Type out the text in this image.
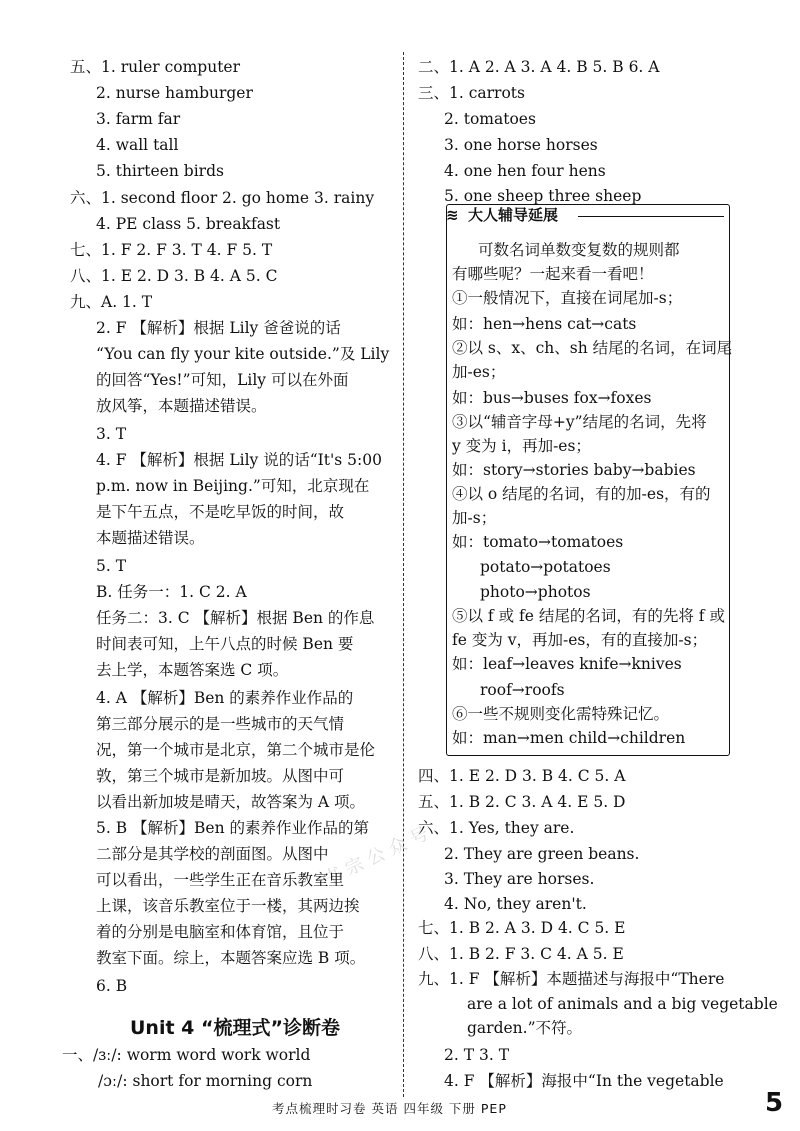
≋ 大人辅导延展
Unit 4 “梳理式”诊断卷
书 宗 公 众 号
考点梳理时习卷 英语 四年级 下册 PEP	5
五、1. ruler computer
2. nurse hamburger
3. farm far
4. wall tall
5. thirteen birds
六、1. second floor 2. go home 3. rainy
4. PE class 5. breakfast
七、1. F 2. F 3. T 4. F 5. T
八、1. E 2. D 3. B 4. A 5. C
九、A. 1. T
2. F 【解析】根据 Lily 爸爸说的话
“You can fly your kite outside.”及 Lily
的回答“Yes!”可知，Lily 可以在外面
放风筝，本题描述错误。
3. T
4. F 【解析】根据 Lily 说的话“It's 5:00
p.m. now in Beijing.”可知，北京现在
是下午五点，不是吃早饭的时间，故
本题描述错误。
5. T
B. 任务一：1. C 2. A
任务二：3. C 【解析】根据 Ben 的作息
时间表可知，上午八点的时候 Ben 要
去上学，本题答案选 C 项。
4. A 【解析】Ben 的素养作业作品的
第三部分展示的是一些城市的天气情
况，第一个城市是北京，第二个城市是伦
敦，第三个城市是新加坡。从图中可
以看出新加坡是晴天，故答案为 A 项。
5. B 【解析】Ben 的素养作业作品的第
二部分是其学校的剖面图。从图中
可以看出，一些学生正在音乐教室里
上课，该音乐教室位于一楼，其两边挨
着的分别是电脑室和体育馆，且位于
教室下面。综上，本题答案应选 B 项。
6. B
一、/ɜː/: worm word work world
/ɔː/: short for morning corn
二、1. A 2. A 3. A 4. B 5. B 6. A
三、1. carrots
2. tomatoes
3. one horse horses
4. one hen four hens
5. one sheep three sheep
可数名词单数变复数的规则都
有哪些呢？一起来看一看吧！
①一般情况下，直接在词尾加-s；
如：hen→hens cat→cats
②以 s、x、ch、sh 结尾的名词，在词尾
加-es；
如：bus→buses fox→foxes
③以“辅音字母+y”结尾的名词，先将
y 变为 i，再加-es；
如：story→stories baby→babies
④以 o 结尾的名词，有的加-es，有的
加-s；
如：tomato→tomatoes
potato→potatoes
photo→photos
⑤以 f 或 fe 结尾的名词，有的先将 f 或
fe 变为 v，再加-es，有的直接加-s；
如：leaf→leaves knife→knives
roof→roofs
⑥一些不规则变化需特殊记忆。
如：man→men child→children
四、1. E 2. D 3. B 4. C 5. A
五、1. B 2. C 3. A 4. E 5. D
六、1. Yes, they are.
2. They are green beans.
3. They are horses.
4. No, they aren't.
七、1. B 2. A 3. D 4. C 5. E
八、1. B 2. F 3. C 4. A 5. E
九、1. F 【解析】本题描述与海报中“There
are a lot of animals and a big vegetable
garden.”不符。
2. T 3. T
4. F 【解析】海报中“In the vegetable
